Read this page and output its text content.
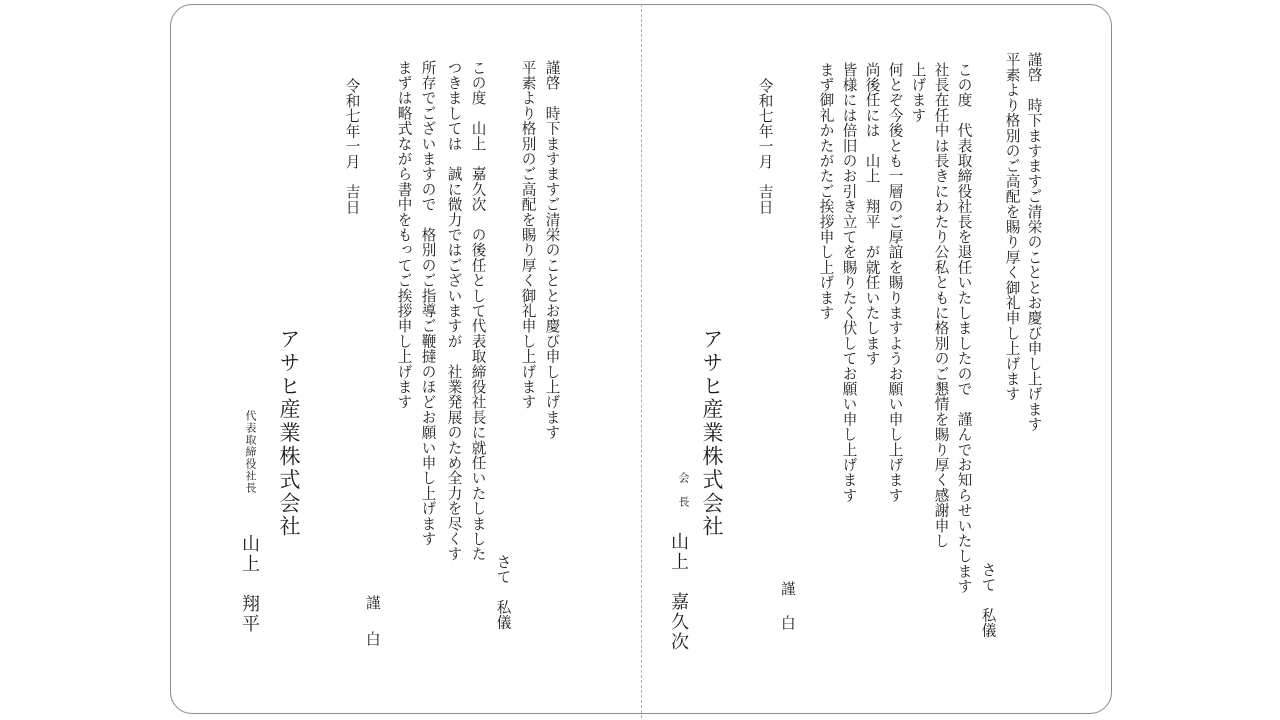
謹啓　時下ますますご清栄のこととお慶び申し上げます
平素より格別のご高配を賜り厚く御礼申し上げます
さて　私儀
この度　代表取締役社長を退任いたしましたので　謹んでお知らせいたします
社長在任中は長きにわたり公私ともに格別のご懇情を賜り厚く感謝申し
上げます
何とぞ今後とも一層のご厚誼を賜りますようお願い申し上げます
尚後任には　山上　翔平　が就任いたします
皆様には倍旧のお引き立てを賜りたく伏してお願い申し上げます
まず御礼かたがたご挨拶申し上げます
謹
白
令和七年一月　吉日
アサヒ産業株式会社
会　長
山上　嘉久次
謹啓　時下ますますご清栄のこととお慶び申し上げます
平素より格別のご高配を賜り厚く御礼申し上げます
さて　私儀
この度　山上　嘉久次　の後任として代表取締役社長に就任いたしました
つきましては　誠に微力ではございますが　社業発展のため全力を尽くす
所存でございますので　格別のご指導ご鞭撻のほどお願い申し上げます
まずは略式ながら書中をもってご挨拶申し上げます
謹
白
令和七年一月　吉日
アサヒ産業株式会社
代表取締役社長
山上　翔平
